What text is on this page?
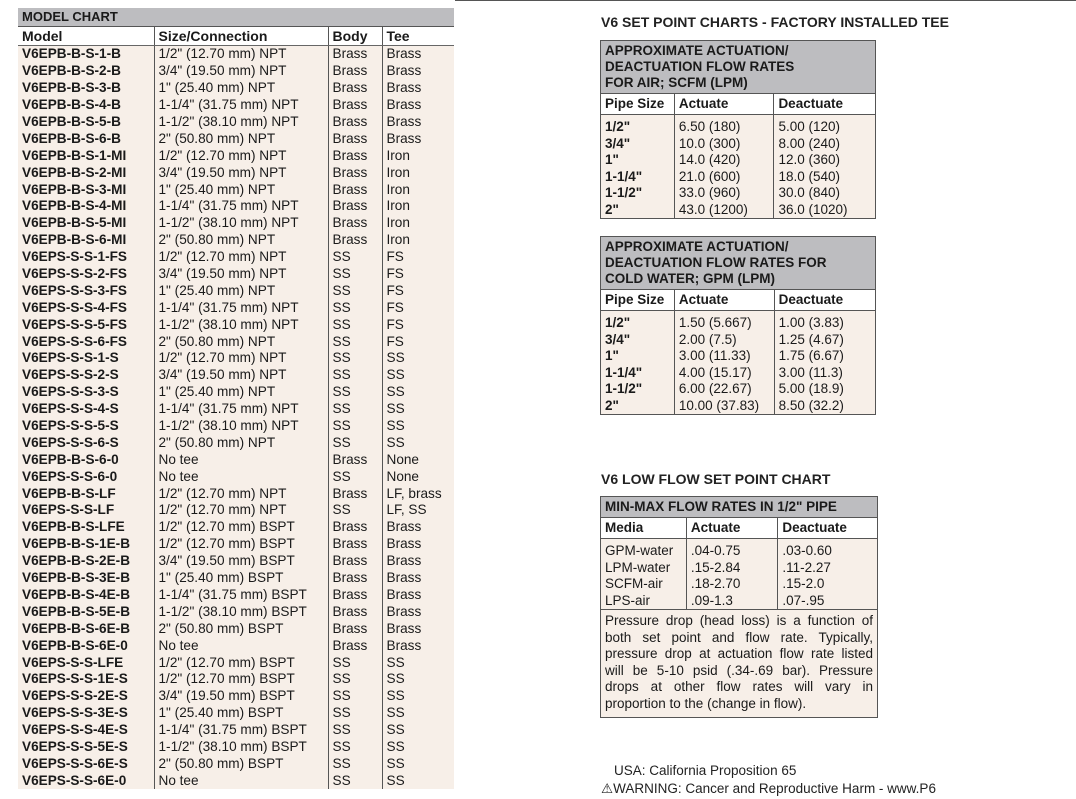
MODEL CHART			
Model	Size/Connection	Body	Tee
V6EPB-B-S-1-B	1/2" (12.70 mm) NPT	Brass	Brass
V6EPB-B-S-2-B	3/4" (19.50 mm) NPT	Brass	Brass
V6EPB-B-S-3-B	1" (25.40 mm) NPT	Brass	Brass
V6EPB-B-S-4-B	1-1/4" (31.75 mm) NPT	Brass	Brass
V6EPB-B-S-5-B	1-1/2" (38.10 mm) NPT	Brass	Brass
V6EPB-B-S-6-B	2" (50.80 mm) NPT	Brass	Brass
V6EPB-B-S-1-MI	1/2" (12.70 mm) NPT	Brass	Iron
V6EPB-B-S-2-MI	3/4" (19.50 mm) NPT	Brass	Iron
V6EPB-B-S-3-MI	1" (25.40 mm) NPT	Brass	Iron
V6EPB-B-S-4-MI	1-1/4" (31.75 mm) NPT	Brass	Iron
V6EPB-B-S-5-MI	1-1/2" (38.10 mm) NPT	Brass	Iron
V6EPB-B-S-6-MI	2" (50.80 mm) NPT	Brass	Iron
V6EPS-S-S-1-FS	1/2" (12.70 mm) NPT	SS	FS
V6EPS-S-S-2-FS	3/4" (19.50 mm) NPT	SS	FS
V6EPS-S-S-3-FS	1" (25.40 mm) NPT	SS	FS
V6EPS-S-S-4-FS	1-1/4" (31.75 mm) NPT	SS	FS
V6EPS-S-S-5-FS	1-1/2" (38.10 mm) NPT	SS	FS
V6EPS-S-S-6-FS	2" (50.80 mm) NPT	SS	FS
V6EPS-S-S-1-S	1/2" (12.70 mm) NPT	SS	SS
V6EPS-S-S-2-S	3/4" (19.50 mm) NPT	SS	SS
V6EPS-S-S-3-S	1" (25.40 mm) NPT	SS	SS
V6EPS-S-S-4-S	1-1/4" (31.75 mm) NPT	SS	SS
V6EPS-S-S-5-S	1-1/2" (38.10 mm) NPT	SS	SS
V6EPS-S-S-6-S	2" (50.80 mm) NPT	SS	SS
V6EPB-B-S-6-0	No tee	Brass	None
V6EPS-S-S-6-0	No tee	SS	None
V6EPB-B-S-LF	1/2" (12.70 mm) NPT	Brass	LF, brass
V6EPS-S-S-LF	1/2" (12.70 mm) NPT	SS	LF, SS
V6EPB-B-S-LFE	1/2" (12.70 mm) BSPT	Brass	Brass
V6EPB-B-S-1E-B	1/2" (12.70 mm) BSPT	Brass	Brass
V6EPB-B-S-2E-B	3/4" (19.50 mm) BSPT	Brass	Brass
V6EPB-B-S-3E-B	1" (25.40 mm) BSPT	Brass	Brass
V6EPB-B-S-4E-B	1-1/4" (31.75 mm) BSPT	Brass	Brass
V6EPB-B-S-5E-B	1-1/2" (38.10 mm) BSPT	Brass	Brass
V6EPB-B-S-6E-B	2" (50.80 mm) BSPT	Brass	Brass
V6EPB-B-S-6E-0	No tee	Brass	Brass
V6EPS-S-S-LFE	1/2" (12.70 mm) BSPT	SS	SS
V6EPS-S-S-1E-S	1/2" (12.70 mm) BSPT	SS	SS
V6EPS-S-S-2E-S	3/4" (19.50 mm) BSPT	SS	SS
V6EPS-S-S-3E-S	1" (25.40 mm) BSPT	SS	SS
V6EPS-S-S-4E-S	1-1/4" (31.75 mm) BSPT	SS	SS
V6EPS-S-S-5E-S	1-1/2" (38.10 mm) BSPT	SS	SS
V6EPS-S-S-6E-S	2" (50.80 mm) BSPT	SS	SS
V6EPS-S-S-6E-0	No tee	SS	SS
V6 SET POINT CHARTS - FACTORY INSTALLED TEE
APPROXIMATE ACTUATION/ DEACTUATION FLOW RATES FOR AIR; SCFM (LPM)		
Pipe Size	Actuate	Deactuate
1/2"	6.50 (180)	5.00 (120)
3/4"	10.0 (300)	8.00 (240)
1"	14.0 (420)	12.0 (360)
1-1/4"	21.0 (600)	18.0 (540)
1-1/2"	33.0 (960)	30.0 (840)
2"	43.0 (1200)	36.0 (1020)
APPROXIMATE ACTUATION/ DEACTUATION FLOW RATES FOR COLD WATER; GPM (LPM)		
Pipe Size	Actuate	Deactuate
1/2"	1.50 (5.667)	1.00 (3.83)
3/4"	2.00 (7.5)	1.25 (4.67)
1"	3.00 (11.33)	1.75 (6.67)
1-1/4"	4.00 (15.17)	3.00 (11.3)
1-1/2"	6.00 (22.67)	5.00 (18.9)
2"	10.00 (37.83)	8.50 (32.2)
V6 LOW FLOW SET POINT CHART
MIN-MAX FLOW RATES IN 1/2" PIPE		
Media	Actuate	Deactuate
GPM-water	.04-0.75	.03-0.60
LPM-water	.15-2.84	.11-2.27
SCFM-air	.18-2.70	.15-2.0
LPS-air	.09-1.3	.07-.95
Pressure drop (head loss) is a function of both set point and flow rate. Typically, pressure drop at actuation flow rate listed will be 5-10 psid (.34-.69 bar). Pressure drops at other flow rates will vary in proportion to the (change in flow).		
USA: California Proposition 65
⚠WARNING: Cancer and Reproductive Harm - www.P6
